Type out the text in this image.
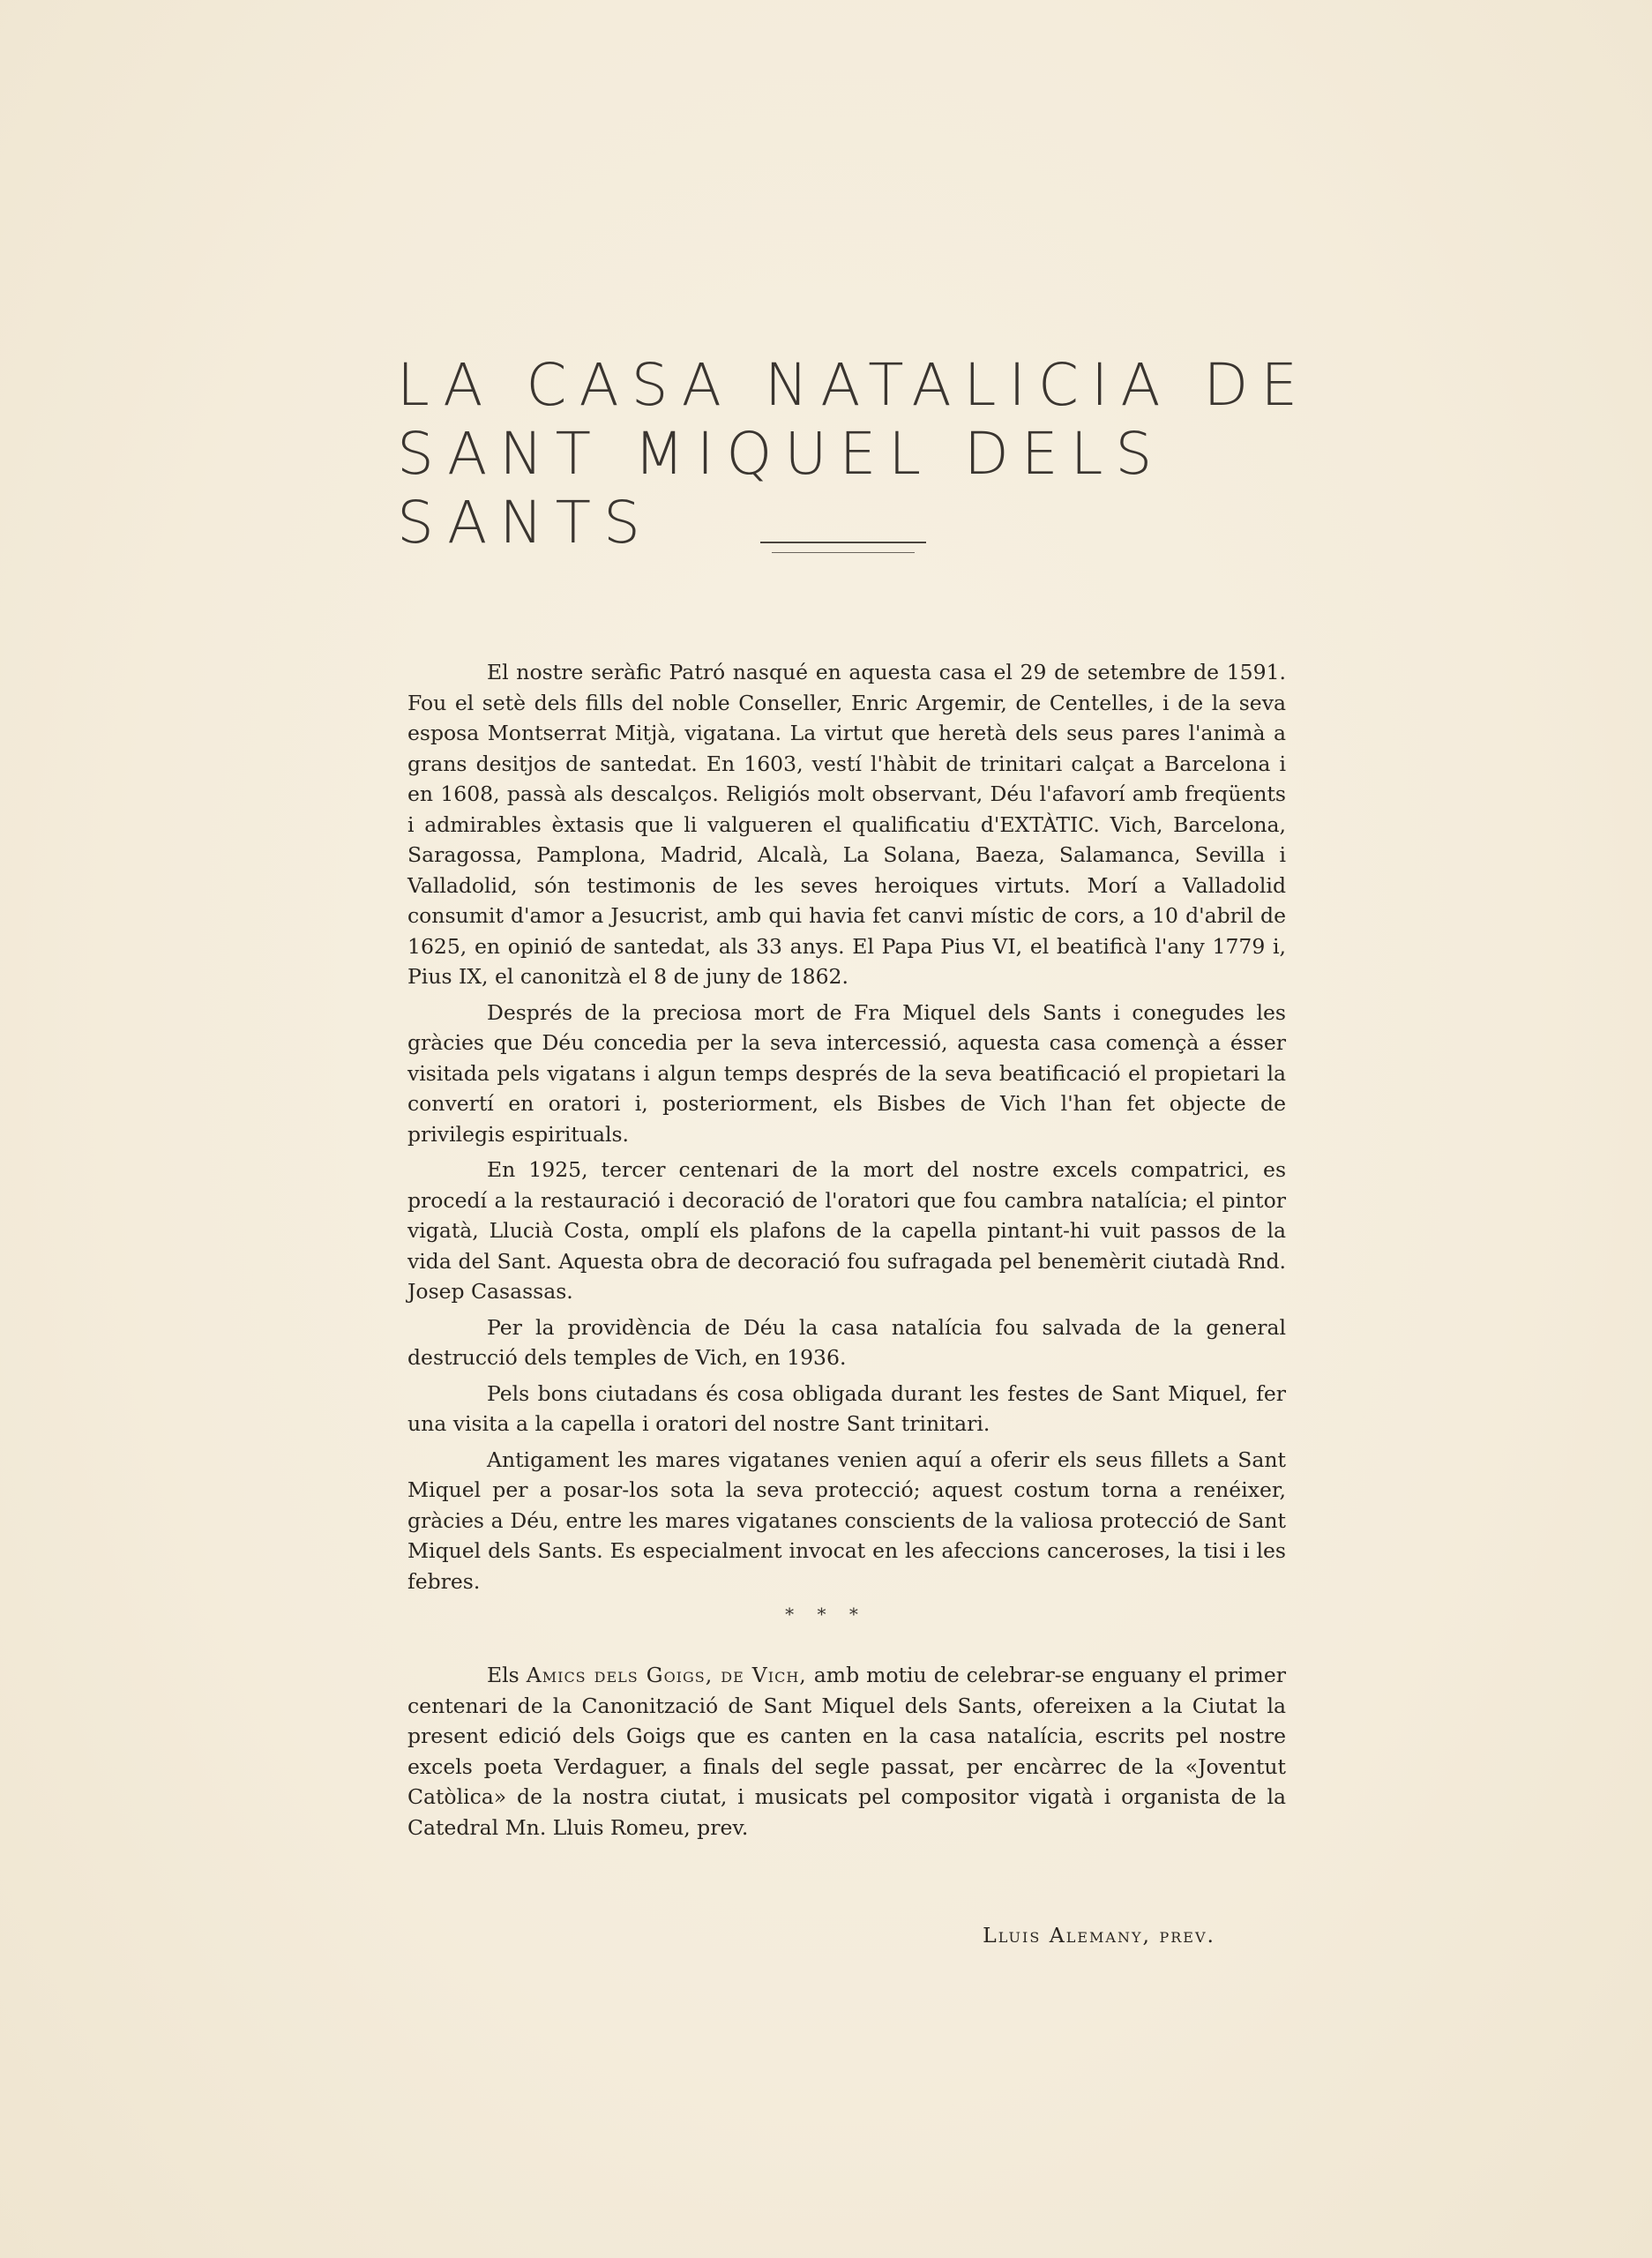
LA CASA NATALICIA DE
SANT MIQUEL DELS SANTS

El nostre seràfic Patró nasqué en aquesta casa el 29 de setembre de 1591. Fou el setè dels fills del noble Conseller, Enric Argemir, de Centelles, i de la seva esposa Montserrat Mitjà, vigatana. La virtut que heretà dels seus pares l'animà a grans desitjos de santedat. En 1603, vestí l'hàbit de trinitari calçat a Barcelona i en 1608, passà als descalços. Religiós molt observant, Déu l'afavorí amb freqüents i admirables èxtasis que li valgueren el qualificatiu d'EXTÀTIC. Vich, Barcelona, Saragossa, Pamplona, Madrid, Alcalà, La Solana, Baeza, Salamanca, Sevilla i Valladolid, són testimonis de les seves heroiques virtuts. Morí a Valladolid consumit d'amor a Jesucrist, amb qui havia fet canvi místic de cors, a 10 d'abril de 1625, en opinió de santedat, als 33 anys. El Papa Pius VI, el beatificà l'any 1779 i, Pius IX, el canonitzà el 8 de juny de 1862.

Després de la preciosa mort de Fra Miquel dels Sants i conegudes les gràcies que Déu concedia per la seva intercessió, aquesta casa començà a ésser visitada pels vigatans i algun temps després de la seva beatificació el propietari la convertí en oratori i, posteriorment, els Bisbes de Vich l'han fet objecte de privilegis espirituals.

En 1925, tercer centenari de la mort del nostre excels compatrici, es procedí a la restauració i decoració de l'oratori que fou cambra natalícia; el pintor vigatà, Llucià Costa, omplí els plafons de la capella pintant-hi vuit passos de la vida del Sant. Aquesta obra de decoració fou sufragada pel benemèrit ciutadà Rnd. Josep Casassas.

Per la providència de Déu la casa natalícia fou salvada de la general destrucció dels temples de Vich, en 1936.

Pels bons ciutadans és cosa obligada durant les festes de Sant Miquel, fer una visita a la capella i oratori del nostre Sant trinitari.

Antigament les mares vigatanes venien aquí a oferir els seus fillets a Sant Miquel per a posar-los sota la seva protecció; aquest costum torna a renéixer, gràcies a Déu, entre les mares vigatanes conscients de la valiosa protecció de Sant Miquel dels Sants. Es especialment invocat en les afeccions canceroses, la tisi i les febres.

* * *

Els Amics dels Goigs, de Vich, amb motiu de celebrar-se enguany el primer centenari de la Canonització de Sant Miquel dels Sants, ofereixen a la Ciutat la present edició dels Goigs que es canten en la casa natalícia, escrits pel nostre excels poeta Verdaguer, a finals del segle passat, per encàrrec de la «Joventut Catòlica» de la nostra ciutat, i musicats pel compositor vigatà i organista de la Catedral Mn. Lluis Romeu, prev.

Lluis Alemany, prev.
